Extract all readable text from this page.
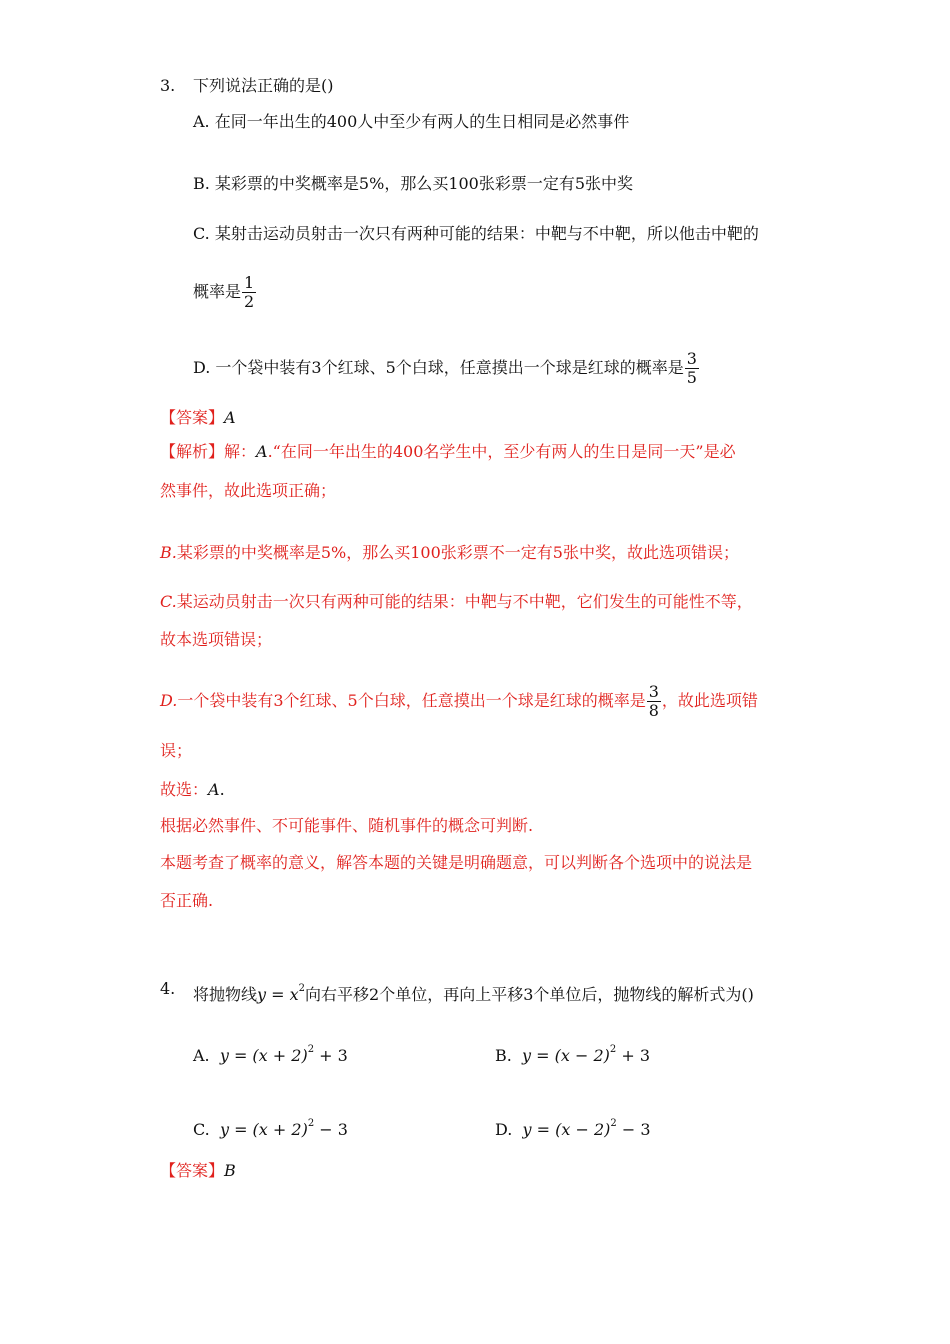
3. 下列说法正确的是()
A. 在同一年出生的400人中至少有两人的生日相同是必然事件
B. 某彩票的中奖概率是5%，那么买100张彩票一定有5张中奖
C. 某射击运动员射击一次只有两种可能的结果：中靶与不中靶，所以他击中靶的
概率是 $\frac{1}{2}$
D. 一个袋中装有3个红球、5个白球，任意摸出一个球是红球的概率是 $\frac{3}{5}$
【答案】A
【解析】解：A.“在同一年出生的400名学生中，至少有两人的生日是同一天”是必
然事件，故此选项正确；
B.某彩票的中奖概率是5%，那么买100张彩票不一定有5张中奖，故此选项错误；
C.某运动员射击一次只有两种可能的结果：中靶与不中靶，它们发生的可能性不等，
故本选项错误；
D.一个袋中装有3个红球、5个白球，任意摸出一个球是红球的概率是 $\frac{3}{8}$ ，故此选项错
误；
故选：A.
根据必然事件、不可能事件、随机事件的概念可判断.
本题考查了概率的意义，解答本题的关键是明确题意，可以判断各个选项中的说法是
否正确.
4. 将抛物线$y = x^2$向右平移2个单位，再向上平移3个单位后，抛物线的解析式为()
A. $y = (x + 2)^2 + 3$	B. $y = (x - 2)^2 + 3$
C. $y = (x + 2)^2 - 3$	D. $y = (x - 2)^2 - 3$
【答案】B
